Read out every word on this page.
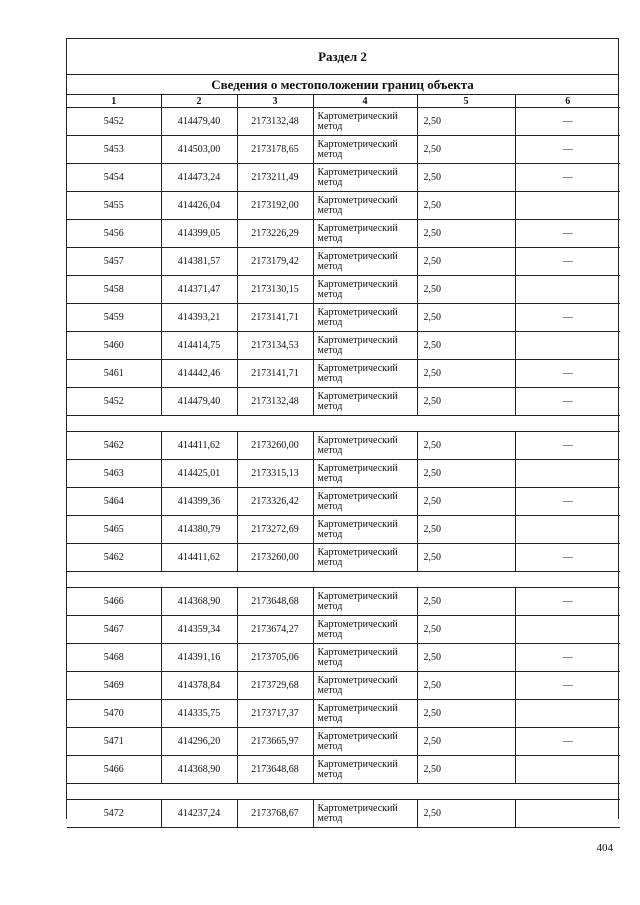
Раздел 2
Сведения о местоположении границ объекта
1	2	3	4	5	6
5452	414479,40	2173132,48	Картометрический метод	2,50	—
5453	414503,00	2173178,65	Картометрический метод	2,50	—
5454	414473,24	2173211,49	Картометрический метод	2,50	—
5455	414426,04	2173192,00	Картометрический метод	2,50	
5456	414399,05	2173226,29	Картометрический метод	2,50	—
5457	414381,57	2173179,42	Картометрический метод	2,50	—
5458	414371,47	2173130,15	Картометрический метод	2,50	
5459	414393,21	2173141,71	Картометрический метод	2,50	—
5460	414414,75	2173134,53	Картометрический метод	2,50	
5461	414442,46	2173141,71	Картометрический метод	2,50	—
5452	414479,40	2173132,48	Картометрический метод	2,50	—

5462	414411,62	2173260,00	Картометрический метод	2,50	—
5463	414425,01	2173315,13	Картометрический метод	2,50	
5464	414399,36	2173326,42	Картометрический метод	2,50	—
5465	414380,79	2173272,69	Картометрический метод	2,50	
5462	414411,62	2173260,00	Картометрический метод	2,50	—

5466	414368,90	2173648,68	Картометрический метод	2,50	—
5467	414359,34	2173674,27	Картометрический метод	2,50	
5468	414391,16	2173705,06	Картометрический метод	2,50	—
5469	414378,84	2173729,68	Картометрический метод	2,50	—
5470	414335,75	2173717,37	Картометрический метод	2,50	
5471	414296,20	2173665,97	Картометрический метод	2,50	—
5466	414368,90	2173648,68	Картометрический метод	2,50	

5472	414237,24	2173768,67	Картометрический метод	2,50	
404
